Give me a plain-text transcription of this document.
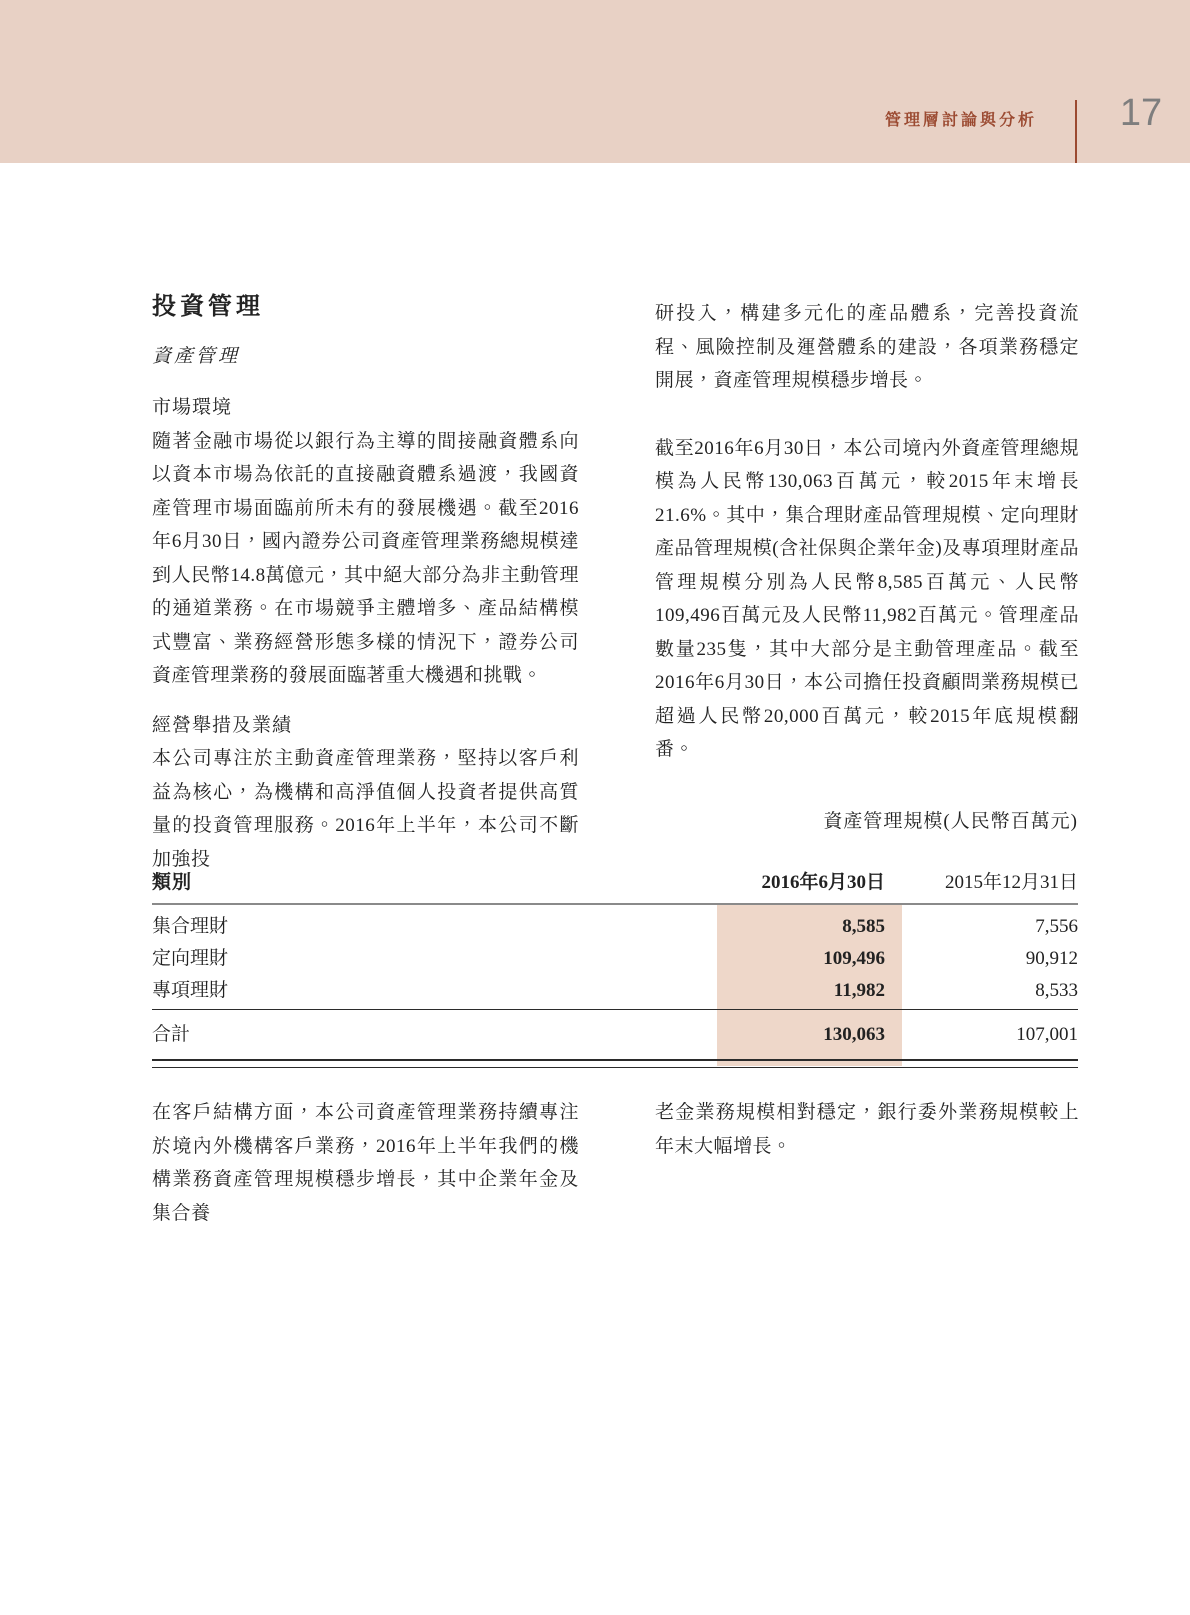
管理層討論與分析 17
投資管理
資產管理
市場環境

隨著金融市場從以銀行為主導的間接融資體系向以資本市場為依託的直接融資體系過渡，我國資產管理市場面臨前所未有的發展機遇。截至2016年6月30日，國內證券公司資產管理業務總規模達到人民幣14.8萬億元，其中絕大部分為非主動管理的通道業務。在市場競爭主體增多、產品結構模式豐富、業務經營形態多樣的情況下，證券公司資產管理業務的發展面臨著重大機遇和挑戰。

經營舉措及業績

本公司專注於主動資產管理業務，堅持以客戶利益為核心，為機構和高淨值個人投資者提供高質量的投資管理服務。2016年上半年，本公司不斷加強投

研投入，構建多元化的產品體系，完善投資流程、風險控制及運營體系的建設，各項業務穩定開展，資產管理規模穩步增長。

截至2016年6月30日，本公司境內外資產管理總規模為人民幣130,063百萬元，較2015年末增長21.6%。其中，集合理財產品管理規模、定向理財產品管理規模(含社保與企業年金)及專項理財產品管理規模分別為人民幣8,585百萬元、人民幣109,496百萬元及人民幣11,982百萬元。管理產品數量235隻，其中大部分是主動管理產品。截至2016年6月30日，本公司擔任投資顧問業務規模已超過人民幣20,000百萬元，較2015年底規模翻番。

資產管理規模(人民幣百萬元)
類別	2016年6月30日	2015年12月31日
集合理財	8,585	7,556
定向理財	109,496	90,912
專項理財	11,982	8,533
合計	130,063	107,001

在客戶結構方面，本公司資產管理業務持續專注於境內外機構客戶業務，2016年上半年我們的機構業務資產管理規模穩步增長，其中企業年金及集合養

老金業務規模相對穩定，銀行委外業務規模較上年末大幅增長。
